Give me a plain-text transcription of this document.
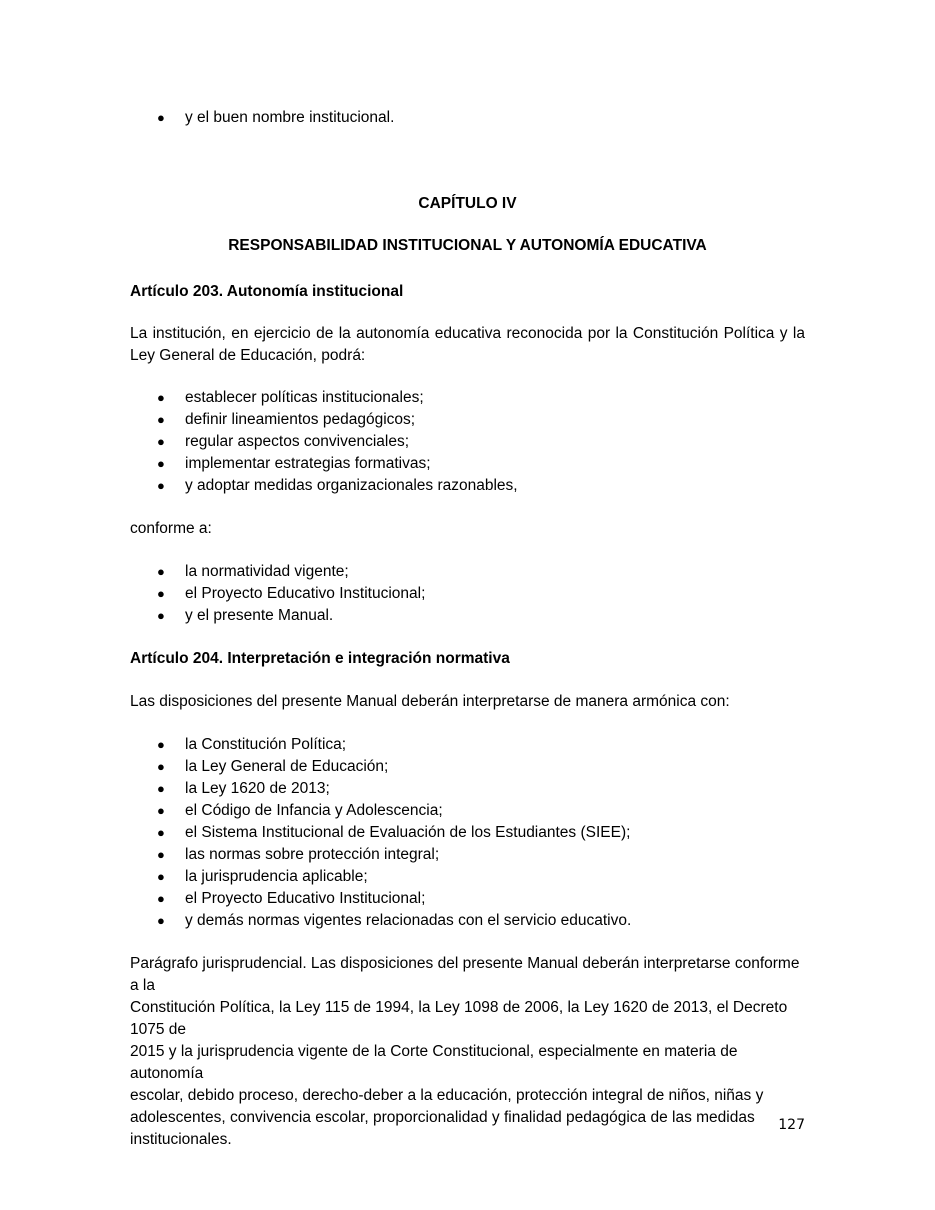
● y el buen nombre institucional.
CAPÍTULO IV
RESPONSABILIDAD INSTITUCIONAL Y AUTONOMÍA EDUCATIVA
Artículo 203. Autonomía institucional

La institución, en ejercicio de la autonomía educativa reconocida por la Constitución Política y la Ley General de Educación, podrá:

● establecer políticas institucionales;
● definir lineamientos pedagógicos;
● regular aspectos convivenciales;
● implementar estrategias formativas;
● y adoptar medidas organizacionales razonables,
conforme a:
● la normatividad vigente;
● el Proyecto Educativo Institucional;
● y el presente Manual.
Artículo 204. Interpretación e integración normativa

Las disposiciones del presente Manual deberán interpretarse de manera armónica con:

● la Constitución Política;
● la Ley General de Educación;
● la Ley 1620 de 2013;
● el Código de Infancia y Adolescencia;
● el Sistema Institucional de Evaluación de los Estudiantes (SIEE);
● las normas sobre protección integral;
● la jurisprudencia aplicable;
● el Proyecto Educativo Institucional;
● y demás normas vigentes relacionadas con el servicio educativo.
Parágrafo jurisprudencial. Las disposiciones del presente Manual deberán interpretarse conforme a la
Constitución Política, la Ley 115 de 1994, la Ley 1098 de 2006, la Ley 1620 de 2013, el Decreto 1075 de
2015 y la jurisprudencia vigente de la Corte Constitucional, especialmente en materia de autonomía
escolar, debido proceso, derecho-deber a la educación, protección integral de niños, niñas y
adolescentes, convivencia escolar, proporcionalidad y finalidad pedagógica de las medidas
institucionales.
127
